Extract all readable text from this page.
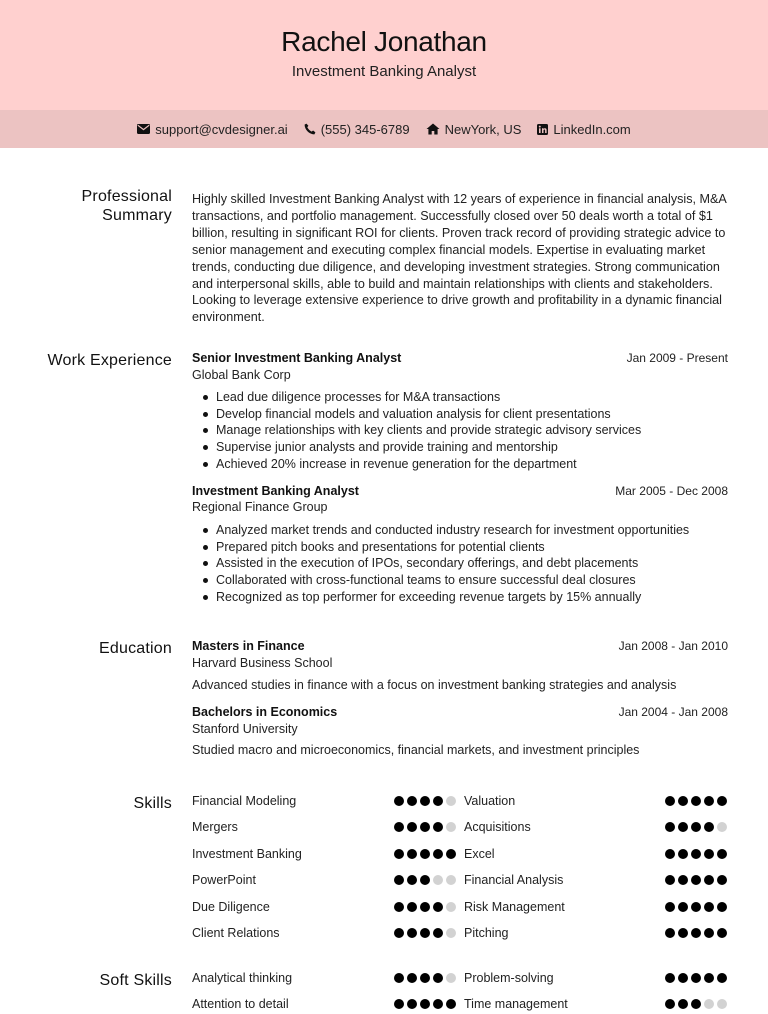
Rachel Jonathan
Investment Banking Analyst
support@cvdesigner.ai	(555) 345-6789	NewYork, US LinkedIn.com
Professional Summary
Highly skilled Investment Banking Analyst with 12 years of experience in financial analysis, M&A transactions, and portfolio management. Successfully closed over 50 deals worth a total of $1 billion, resulting in significant ROI for clients. Proven track record of providing strategic advice to senior management and executing complex financial models. Expertise in evaluating market trends, conducting due diligence, and developing investment strategies. Strong communication and interpersonal skills, able to build and maintain relationships with clients and stakeholders. Looking to leverage extensive experience to drive growth and profitability in a dynamic financial environment.
Work Experience Senior Investment Banking Analyst	Jan 2009 - Present
Global Bank Corp
Lead due diligence processes for M&A transactions
Develop financial models and valuation analysis for client presentations
Manage relationships with key clients and provide strategic advisory services
Supervise junior analysts and provide training and mentorship
Achieved 20% increase in revenue generation for the department
Investment Banking Analyst	Mar 2005 - Dec 2008
Regional Finance Group
Analyzed market trends and conducted industry research for investment opportunities
Prepared pitch books and presentations for potential clients
Assisted in the execution of IPOs, secondary offerings, and debt placements
Collaborated with cross-functional teams to ensure successful deal closures
Recognized as top performer for exceeding revenue targets by 15% annually
Education Masters in Finance	Jan 2008 - Jan 2010
Harvard Business School
Advanced studies in finance with a focus on investment banking strategies and analysis
Bachelors in Economics	Jan 2004 - Jan 2008
Stanford University
Studied macro and microeconomics, financial markets, and investment principles
Skills Financial Modeling	Valuation
Mergers	Acquisitions
Investment Banking	Excel
PowerPoint	Financial Analysis
Due Diligence	Risk Management
Client Relations	Pitching
Soft Skills Analytical thinking	Problem-solving
Attention to detail	Time management
